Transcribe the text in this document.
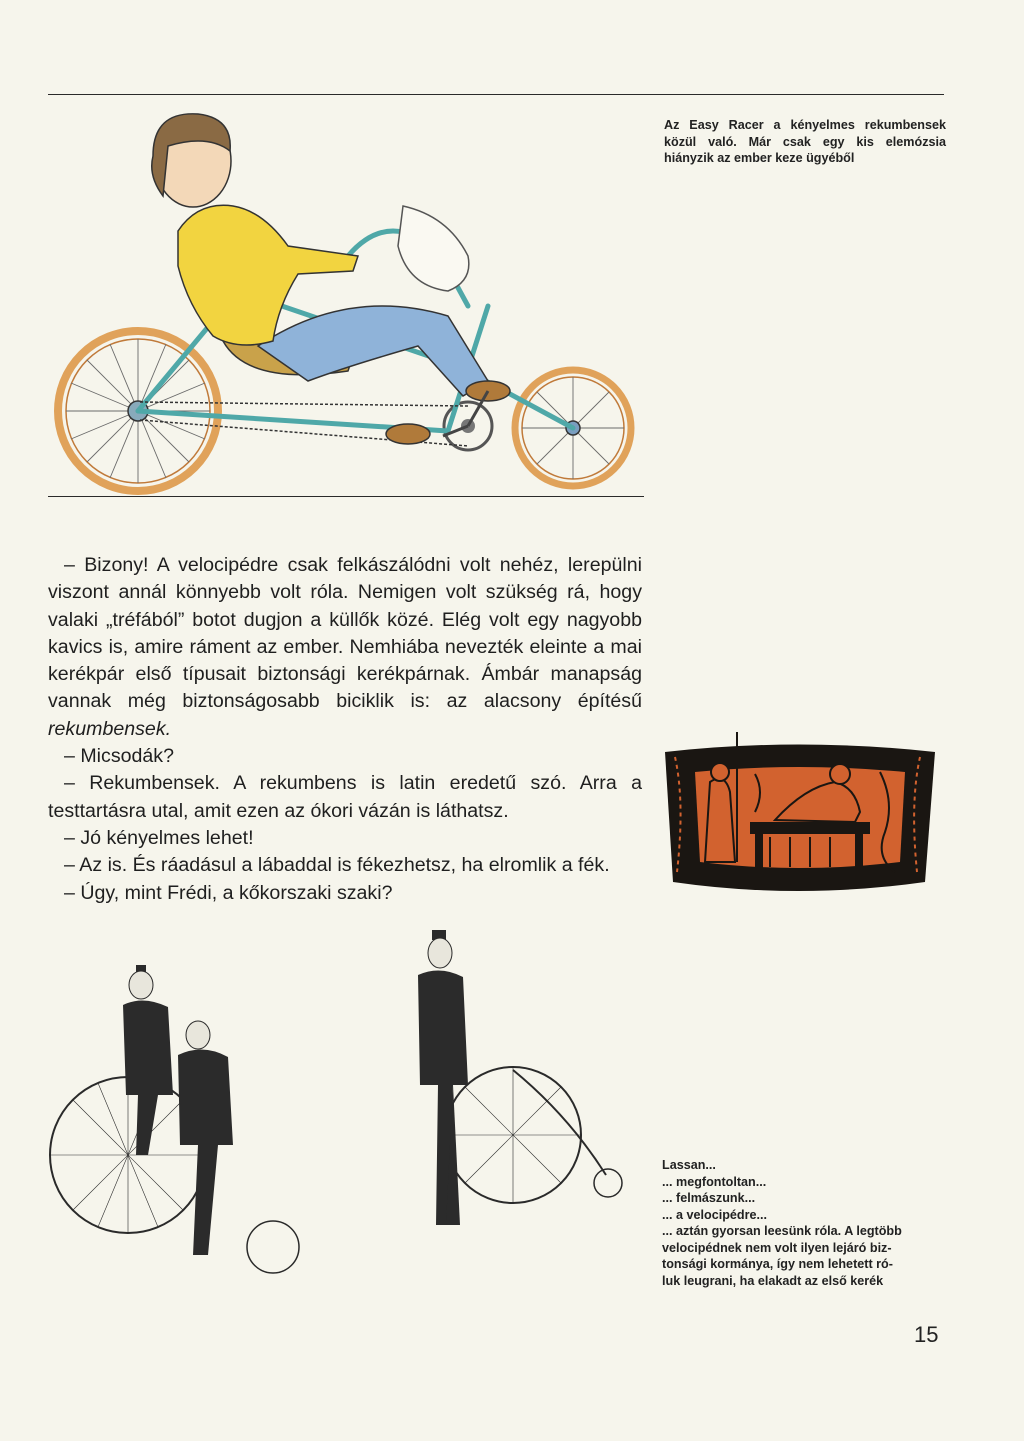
Az Easy Racer a kényelmes rekumbensek közül való. Már csak egy kis elemózsia hiányzik az ember keze ügyéből

– Bizony! A velocipédre csak felkászálódni volt nehéz, lerepülni viszont annál könnyebb volt róla. Nemigen volt szükség rá, hogy valaki „tréfából” botot dugjon a küllők közé. Elég volt egy nagyobb kavics is, amire ráment az ember. Nemhiába nevezték eleinte a mai kerékpár első típusait biztonsági kerékpárnak. Ámbár manapság vannak még biztonságosabb biciklik is: az alacsony építésű rekumbensek.

– Micsodák?

– Rekumbensek. A rekumbens is latin eredetű szó. Arra a testtartásra utal, amit ezen az ókori vázán is láthatsz.

– Jó kényelmes lehet!

– Az is. És ráadásul a lábaddal is fékezhetsz, ha elromlik a fék.

– Úgy, mint Frédi, a kőkorszaki szaki?

Lassan...
... megfontoltan...
... felmászunk...
... a velocipédre...
... aztán gyorsan leesünk róla. A legtöbb
velocipédnek nem volt ilyen lejáró biz-
tonsági kormánya, így nem lehetett ró-
luk leugrani, ha elakadt az első kerék
15
